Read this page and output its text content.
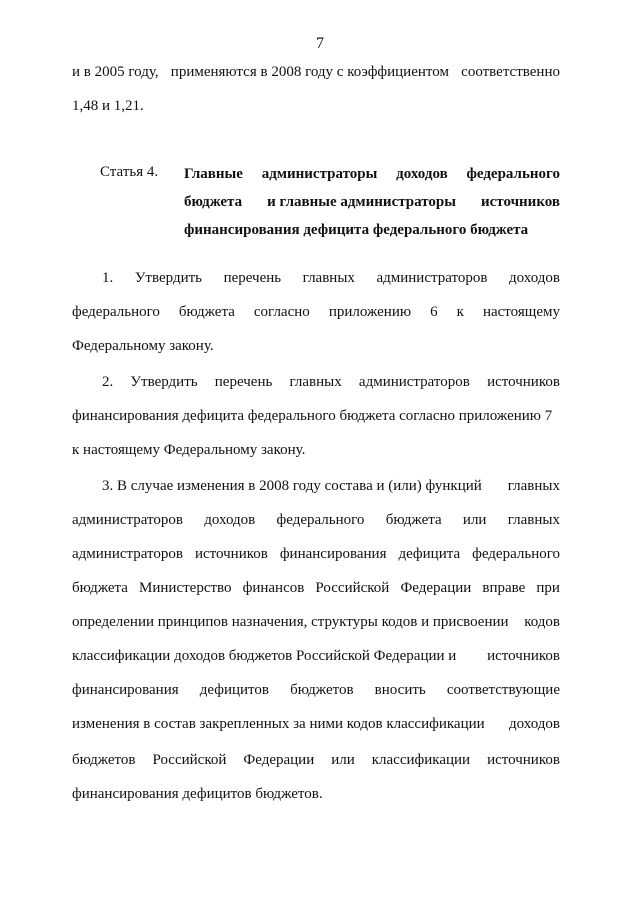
7
и в 2005 году, применяются в 2008 году с коэффициентом соответственно
1,48 и 1,21.
Статья 4. Главные администраторы доходов федерального
бюджета и главные администраторы источников
финансирования дефицита федерального бюджета
1. Утвердить перечень главных администраторов доходов
федерального бюджета согласно приложению 6 к настоящему
Федеральному закону.
2. Утвердить перечень главных администраторов источников
финансирования дефицита федерального бюджета согласно приложению 7
к настоящему Федеральному закону.
3. В случае изменения в 2008 году состава и (или) функций главных
администраторов доходов федерального бюджета или главных
администраторов источников финансирования дефицита федерального
бюджета Министерство финансов Российской Федерации вправе при
определении принципов назначения, структуры кодов и присвоении кодов
классификации доходов бюджетов Российской Федерации и источников
финансирования дефицитов бюджетов вносить соответствующие
изменения в состав закрепленных за ними кодов классификации доходов
бюджетов Российской Федерации или классификации источников
финансирования дефицитов бюджетов.
